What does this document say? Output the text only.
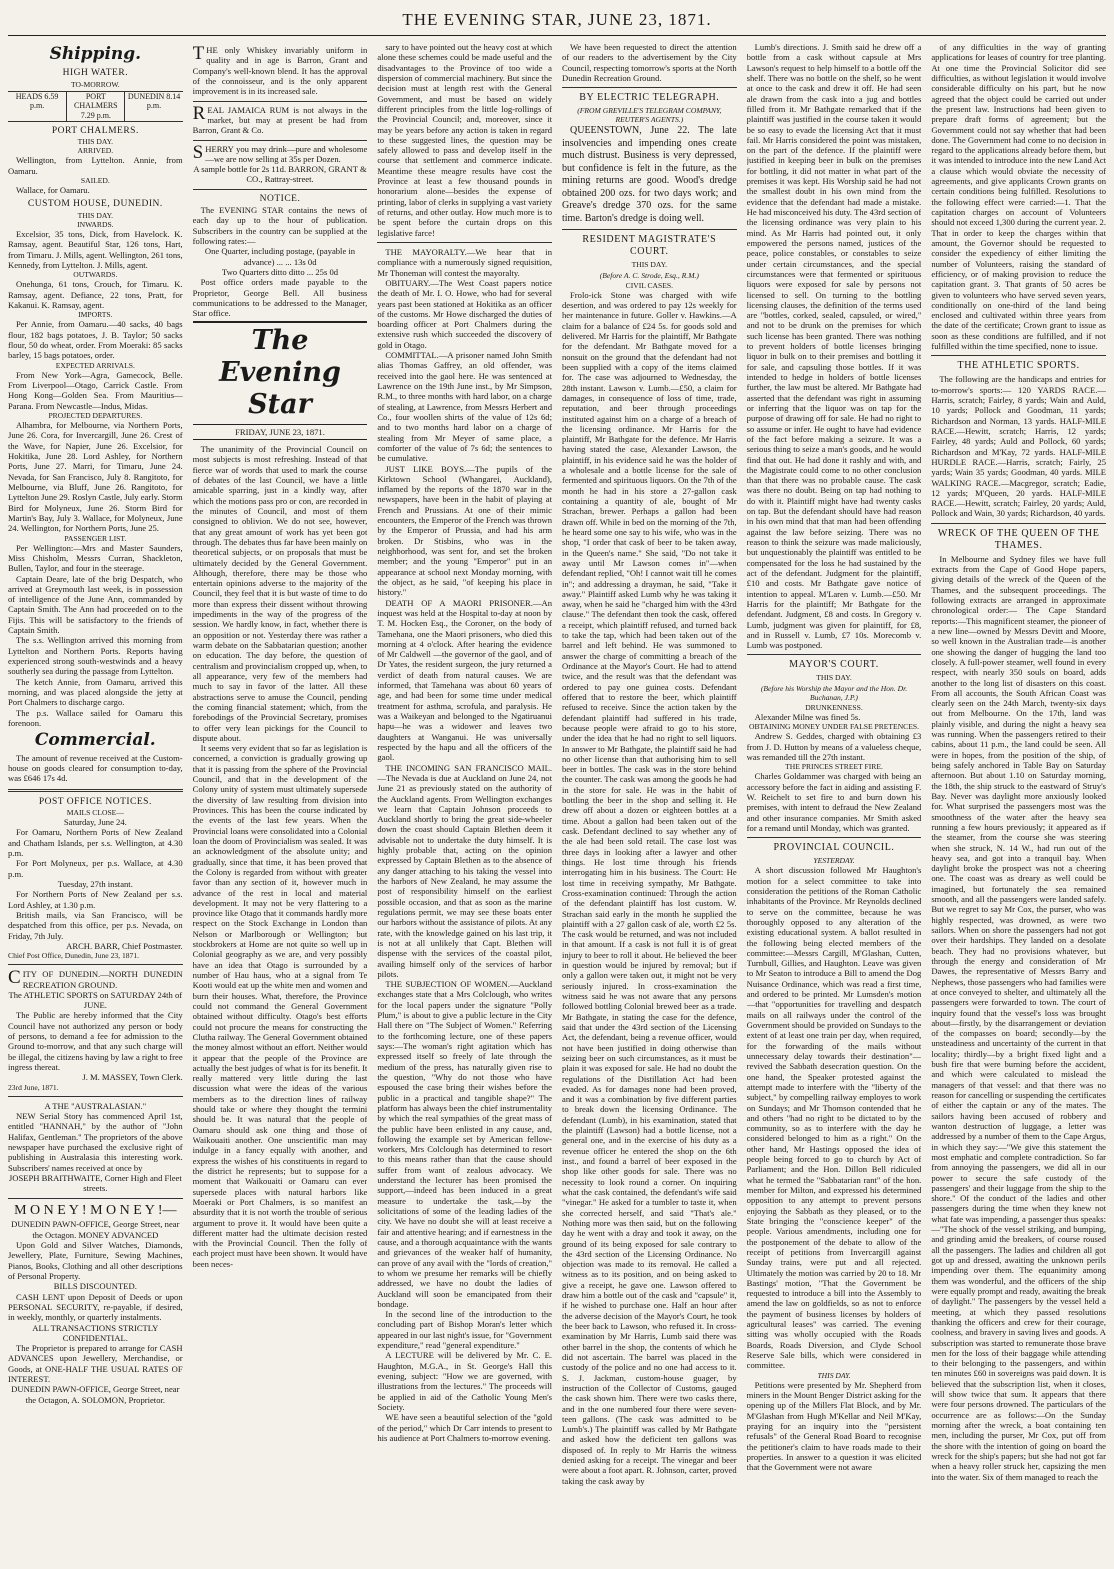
THE EVENING STAR, JUNE 23, 1871.
Shipping.
HIGH WATER.
TO-MORROW.
HEADS 6.59 p.m.
PORT CHALMERS 7.29 p.m.
DUNEDIN 8.14 p.m.
PORT CHALMERS.
THIS DAY.
ARRIVED.

Wellington, from Lyttelton. Annie, from Oamaru.

SAILED.

Wallace, for Oamaru.

CUSTOM HOUSE, DUNEDIN.
THIS DAY.
INWARDS.

Excelsior, 35 tons, Dick, from Havelock. K. Ramsay, agent. Beautiful Star, 126 tons, Hart, from Timaru. J. Mills, agent. Wellington, 261 tons, Kennedy, from Lyttelton. J. Mills, agent.

OUTWARDS.

Onehunga, 61 tons, Crouch, for Timaru. K. Ramsay, agent. Defiance, 22 tons, Pratt, for Kakanui. K. Ramsay, agent.

IMPORTS.

Per Annie, from Oamaru.—40 sacks, 40 bags flour, 182 bags potatoes, J. B. Taylor; 50 sacks flour, 50 do wheat, order. From Moeraki: 85 sacks barley, 15 bags potatoes, order.

EXPECTED ARRIVALS.

From New York—Agra, Gamecock, Belle. From Liverpool—Otago, Carrick Castle. From Hong Kong—Golden Sea. From Mauritius—Parana. From Newcastle—Indus, Midas.

PROJECTED DEPARTURES.

Alhambra, for Melbourne, via Northern Ports, June 26. Cora, for Invercargill, June 26. Crest of the Wave, for Napier, June 26. Excelsior, for Hokitika, June 28. Lord Ashley, for Northern Ports, June 27. Marri, for Timaru, June 24. Nevada, for San Francisco, July 8. Rangitoto, for Melbourne, via Bluff, June 26. Rangitoto, for Lyttelton June 29. Roslyn Castle, July early. Storm Bird for Molyneux, June 26. Storm Bird for Martin's Bay, July 3. Wallace, for Molyneux, June 24. Wellington, for Northern Ports, June 25.

PASSENGER LIST.

Per Wellington:—Mrs and Master Saunders, Miss Chisholm, Messrs Curran, Shackleton, Bullen, Taylor, and four in the steerage.

Captain Deare, late of the brig Despatch, who arrived at Greymouth last week, is in possession of intelligence of the June Ann, commanded by Captain Smith. The Ann had proceeded on to the Fijis. This will be satisfactory to the friends of Captain Smith.

The s.s. Wellington arrived this morning from Lyttelton and Northern Ports. Reports having experienced strong south-westwinds and a heavy southerly sea during the passage from Lyttelton.

The ketch Annie, from Oamaru, arrived this morning, and was placed alongside the jetty at Port Chalmers to discharge cargo.

The p.s. Wallace sailed for Oamaru this forenoon.

Commercial.

The amount of revenue received at the Custom-house on goods cleared for consumption to-day, was £646 17s 4d.

POST OFFICE NOTICES.
MAILS CLOSE—
Saturday, June 24.

For Oamaru, Northern Ports of New Zealand and Chatham Islands, per s.s. Wellington, at 4.30 p.m.

For Port Molyneux, per p.s. Wallace, at 4.30 p.m.

Tuesday, 27th instant.

For Northern Ports of New Zealand per s.s. Lord Ashley, at 1.30 p.m.

British mails, via San Francisco, will be despatched from this office, per p.s. Nevada, on Friday, 7th July.

ARCH. BARR, Chief Postmaster.
Chief Post Office, Dunedin, June 23, 1871.
CITY OF DUNEDIN.—NORTH DUNEDIN RECREATION GROUND.
The ATHLETIC SPORTS on SATURDAY 24th of JUNE.

The Public are hereby informed that the City Council have not authorized any person or body of persons, to demand a fee for admission to the Ground to-morrow, and that any such charge will be illegal, the citizens having by law a right to free ingress thereat.

J. M. MASSEY, Town Clerk.
23rd June, 1871.
A THE "AUSTRALASIAN."

NEW Serial Story has commenced April 1st, entitled "HANNAH," by the author of "John Halifax, Gentleman." The proprietors of the above newspaper have purchased the exclusive right of publishing in Australasia this interesting work. Subscribers' names received at once by

JOSEPH BRAITHWAITE, Corner High and Fleet streets.
M O N E Y ! M O N E Y !—
DUNEDIN PAWN-OFFICE, George Street, near the Octagon. MONEY ADVANCED

Upon Gold and Silver Watches, Diamonds, Jewellery, Plate, Furniture, Sewing Machines, Pianos, Books, Clothing and all other descriptions of Personal Property.

BILLS DISCOUNTED.

CASH LENT upon Deposit of Deeds or upon PERSONAL SECURITY, re-payable, if desired, in weekly, monthly, or quarterly instalments.

ALL TRANSACTIONS STRICTLY CONFIDENTIAL.

The Proprietor is prepared to arrange for CASH ADVANCES upon Jewellery, Merchandise, or Goods, at ONE-HALF THE USUAL RATES OF INTEREST.

DUNEDIN PAWN-OFFICE, George Street, near the Octagon, A. SOLOMON, Proprietor.
THE only Whiskey invariably uniform in quality and in age is Barron, Grant and Company's well-known blend. It has the approval of the connoisseur, and is the only apparent improvement is in its increased sale.
REAL JAMAICA RUM is not always in the market, but may at present be had from Barron, Grant & Co.
SHERRY you may drink—pure and wholesome—we are now selling at 35s per Dozen.
A sample bottle for 2s 11d. BARRON, GRANT & CO., Rattray-street.
NOTICE.

The EVENING STAR contains the news of each day up to the hour of publication. Subscribers in the country can be supplied at the following rates:—

One Quarter, including postage, (payable in advance) ... ... 13s 0d
Two Quarters ditto ditto ... 25s 0d

Post office orders made payable to the Proprietor, George Bell. All business communications to be addressed to the Manager, Star office.

The Evening Star
FRIDAY, JUNE 23, 1871.

The unanimity of the Provincial Council on most subjects is most refreshing. Instead of that fierce war of words that used to mark the course of debates of the last Council, we have a little amicable sparring, just in a kindly way, after which the motions pass pro or con, are recorded in the minutes of Council, and most of them consigned to oblivion. We do not see, however, that any great amount of work has yet been got through. The debates thus far have been mainly on theoretical subjects, or on proposals that must be ultimately decided by the General Government. Although, therefore, there may be those who entertain opinions adverse to the majority of the Council, they feel that it is but waste of time to do more than express their dissent without throwing impediments in the way of the progress of the session. We hardly know, in fact, whether there is an opposition or not. Yesterday there was rather a warm debate on the Sabbatarian question; another on education. The day before, the question of centralism and provincialism cropped up, when, to all appearance, very few of the members had much to say in favor of the latter. All these abstractions serve to amuse the Council, pending the coming financial statement; which, from the forebodings of the Provincial Secretary, promises to offer very lean pickings for the Council to dispute about.

It seems very evident that so far as legislation is concerned, a conviction is gradually growing up that it is passing from the sphere of the Provincial Council, and that in the development of the Colony unity of system must ultimately supersede the diversity of law resulting from division into Provinces. This has been the course indicated by the events of the last few years. When the Provincial loans were consolidated into a Colonial loan the doom of Provincialism was sealed. It was an acknowledgment of the absolute unity; and gradually, since that time, it has been proved that the Colony is regarded from without with greater favor than any section of it, however much in advance of the rest in local and material development. It may not be very flattering to a province like Otago that it commands hardly more respect on the Stock Exchange in London than Nelson or Marlborough or Wellington; but stockbrokers at Home are not quite so well up in Colonial geography as we are, and very possibly have an idea that Otago is surrounded by a number of Hau haus, who at a signal from Te Kooti would eat up the white men and women and burn their houses. What, therefore, the Province could not command the General Government obtained without difficulty. Otago's best efforts could not procure the means for constructing the Clutha railway. The General Government obtained the money almost without an effort. Neither would it appear that the people of the Province are actually the best judges of what is for its benefit. It really mattered very little during the last discussion what were the ideas of the various members as to the direction lines of railway should take or where they thought the termini should be. It was natural that the people of Oamaru should ask one thing and those of Waikouaiti another. One unscientific man may indulge in a fancy equally with another, and express the wishes of his constituents in regard to the district he represents; but to suppose for a moment that Waikouaiti or Oamaru can ever supersede places with natural harbors like Moeraki or Port Chalmers, is so manifest an absurdity that it is not worth the trouble of serious argument to prove it. It would have been quite a different matter had the ultimate decision rested with the Provincial Council. Then the folly of each project must have been shown. It would have been neces-

sary to have pointed out the heavy cost at which alone these schemes could be made useful and the disadvantages to the Province of too wide a dispersion of commercial machinery. But since the decision must at length rest with the General Government, and must be based on widely different principles from the little log-rollings of the Provincial Council; and, moreover, since it may be years before any action is taken in regard to these suggested lines, the question may be safely allowed to pass and develop itself in the course that settlement and commerce indicate. Meantime these meagre results have cost the Province at least a few thousand pounds in honorarium alone—besides the expense of printing, labor of clerks in supplying a vast variety of returns, and other outlay. How much more is to be spent before the curtain drops on this legislative farce!

THE MAYORALTY.—We hear that in compliance with a numerously signed requisition, Mr Thoneman will contest the mayoralty.

OBITUARY.—The West Coast papers notice the death of Mr. I. O. Howe, who had for several years past been stationed at Hokitika as an officer of the customs. Mr Howe discharged the duties of boarding officer at Port Chalmers during the extensive rush which succeeded the discovery of gold in Otago.

COMMITTAL.—A prisoner named John Smith alias Thomas Gaffrey, an old offender, was received into the gaol here. He was sentenced at Lawrence on the 19th June inst., by Mr Simpson, R.M., to three months with hard labor, on a charge of stealing, at Lawrence, from Messrs Herbert and Co., four woollen shirts of the value of 12s 6d; and to two months hard labor on a charge of stealing from Mr Meyer of same place, a comforter of the value of 7s 6d; the sentences to be cumulative.

JUST LIKE BOYS.—The pupils of the Kirktown School (Whangarei, Auckland), inflamed by the reports of the 1870 war in the newspapers, have been in the habit of playing at French and Prussians. At one of their mimic encounters, the Emperor of the French was thrown by the Emperor of Prussia, and had his arm broken. Dr Stisbins, who was in the neighborhood, was sent for, and set the broken member; and the young "Emperor" put in an appearance at school next Monday morning, with the object, as he said, "of keeping his place in history."

DEATH OF A MAORI PRISONER.—An inquest was held at the Hospital to-day at noon by T. M. Hocken Esq., the Coroner, on the body of Tamehana, one the Maori prisoners, who died this morning at 4 o'clock. After hearing the evidence of Mr Caldwell —the governor of the gaol, and of Dr Yates, the resident surgeon, the jury returned a verdict of death from natural causes. We are informed, that Tamehana was about 60 years of age, and had been for some time under medical treatment for asthma, scrofula, and paralysis. He was a Waikeyan and belonged to the Ngatiruanui hapu—he was a widower and leaves two daughters at Wanganui. He was universally respected by the hapu and all the officers of the gaol.

THE INCOMING SAN FRANCISCO MAIL.—The Nevada is due at Auckland on June 24, not June 21 as previously stated on the authority of the Auckland agents. From Wellington exchanges we learn that Captain Johnson proceeds to Auckland shortly to bring the great side-wheeler down the coast should Captain Blethen deem it advisable not to undertake the duty himself. It is highly probable that, acting on the opinion expressed by Captain Blethen as to the absence of any danger attaching to his taking the vessel into the harbors of New Zealand, he may assume the post of responsibility himself on the earliest possible occasion, and that as soon as the marine regulations permit, we may see these boats enter our harbors without the assistance of pilots. At any rate, with the knowledge gained on his last trip, it is not at all unlikely that Capt. Blethen will dispense with the services of the coastal pilot, availing himself only of the services of harbor pilots.

THE SUBJECTION OF WOMEN.—Auckland exchanges state that a Mrs Colclough, who writes for the local papers under the signature "Polly Plum," is about to give a public lecture in the City Hall there on "The Subject of Women." Referring to the forthcoming lecture, one of these papers says:—The woman's right agitation which has expressed itself so freely of late through the medium of the press, has naturally given rise to the question, "Why do not those who have espoused the case bring their wishes before the public in a practical and tangible shape?" The platform has always been the chief instrumentality by which the real sympathies of the great mass of the public have been enlisted in any cause, and, following the example set by American fellow-workers, Mrs Colclough has determined to resort to this means rather than that the cause should suffer from want of zealous advocacy. We understand the lecturer has been promised the support,—indeed has been induced in a great measure to undertake the task,—by the solicitations of some of the leading ladies of the city. We have no doubt she will at least receive a fair and attentive hearing; and if earnestness in the cause, and a thorough acquaintance with the wants and grievances of the weaker half of humanity, can prove of any avail with the "lords of creation," to whom we presume her remarks will be chiefly addressed, we have no doubt the ladies of Auckland will soon be emancipated from their bondage.

In the second line of the introduction to the concluding part of Bishop Moran's letter which appeared in our last night's issue, for "Government expenditure," read "general expenditure."

A LECTURE will be delivered by Mr. C. E. Haughton, M.G.A., in St. George's Hall this evening, subject: "How we are governed, with illustrations from the lectures." The proceeds will be applied in aid of the Catholic Young Men's Society.

WE have seen a beautiful selection of the "gold of the period," which Dr Carr intends to present to his audience at Port Chalmers to-morrow evening.

We have been requested to direct the attention of our readers to the advertisement by the City Council, respecting tomorrow's sports at the North Dunedin Recreation Ground.

BY ELECTRIC TELEGRAPH.
(FROM GREVILLE'S TELEGRAM COMPANY, REUTER'S AGENTS.)

QUEENSTOWN, June 22. The late insolvencies and impending ones create much distrust. Business is very depressed, but confidence is felt in the future, as the mining returns are good. Wood's dredge obtained 200 ozs. for two days work; and Greave's dredge 370 ozs. for the same time. Barton's dredge is doing well.

RESIDENT MAGISTRATE'S COURT.
THIS DAY.
(Before A. C. Strode, Esq., R.M.)
CIVIL CASES.

Frolo-ick Stone was charged with wife desertion, and was ordered to pay 12s weekly for her maintenance in future. Goller v. Hawkins.—A claim for a balance of £24 5s. for goods sold and delivered. Mr Harris for the plaintiff, Mr Bathgate for the defendant. Mr Bathgate moved for a nonsuit on the ground that the defendant had not been supplied with a copy of the items claimed for. The case was adjourned to Wednesday, the 28th instant. Lawson v. Lumb.—£50, a claim for damages, in consequence of loss of time, trade, reputation, and beer through proceedings instituted against him on a charge of a breach of the licensing ordinance. Mr Harris for the plaintiff, Mr Bathgate for the defence. Mr Harris having stated the case, Alexander Lawson, the plaintiff, in his evidence said he was the holder of a wholesale and a bottle license for the sale of fermented and spirituous liquors. On the 7th of the month he had in his store a 27-gallon cask containing a quantity of ale, bought of Mr Strachan, brewer. Perhaps a gallon had been drawn off. While in bed on the morning of the 7th, he heard some one say to his wife, who was in the shop, "I order that cask of beer to be taken away, in the Queen's name." She said, "Do not take it away until Mr Lawson comes in"—when defendant replied, "Oh! I cannot wait till he comes in"; and addressing a drayman, he said, "Take it away." Plaintiff asked Lumb why he was taking it away, when he said he "charged him with the 43rd clause." The defendant then took the cask, offered a receipt, which plaintiff refused, and turned back to take the tap, which had been taken out of the barrel and left behind. He was summoned to answer the charge of committing a breach of the Ordinance at the Mayor's Court. He had to attend twice, and the result was that the defendant was ordered to pay one guinea costs. Defendant offered that to restore the beer, which plaintiff refused to receive. Since the action taken by the defendant plaintiff had suffered in his trade, because people were afraid to go to his store, under the idea that he had no right to sell liquors. In answer to Mr Bathgate, the plaintiff said he had no other license than that authorising him to sell beer in bottles. The cask was in the store behind the counter. The cask was among the goods he had in the store for sale. He was in the habit of bottling the beer in the shop and selling it. He drew off about a dozen or eighteen bottles at a time. About a gallon had been taken out of the cask. Defendant declined to say whether any of the ale had been sold retail. The case lost was three days in looking after a lawyer and other things. He lost time through his friends interrogating him in his business. The Court: He lost time in receiving sympathy, Mr Bathgate. Cross-examination continued: Through the action of the defendant plaintiff has lost custom. W. Strachan said early in the month he supplied the plaintiff with a 27 gallon cask of ale, worth £2 5s. The cask would be returned, and was not included in that amount. If a cask is not full it is of great injury to beer to roll it about. He believed the beer in question would be injured by removal; but if only a gallon were taken out, it might not be very seriously injured. In cross-examination the witness said he was not aware that any persons followed bottling Colonial brewed beer as a trade. Mr Bathgate, in stating the case for the defence, said that under the 43rd section of the Licensing Act, the defendant, being a revenue officer, would not have been justified in doing otherwise than seizing beer on such circumstances, as it must be plain it was exposed for sale. He had no doubt the regulations of the Distillation Act had been evaded. As for damages none had been proved, and it was a combination by five different parties to break down the licensing Ordinance. The defendant (Lumb), in his examination, stated that the plaintiff (Lawson) had a bottle license, not a general one, and in the exercise of his duty as a revenue officer he entered the shop on the 6th inst., and found a barrel of beer exposed in the shop like other goods for sale. There was no necessity to look round a corner. On inquiring what the cask contained, the defendant's wife said "vinegar." He asked for a tumbler to taste it, when she corrected herself, and said "That's ale." Nothing more was then said, but on the following day he went with a dray and took it away, on the ground of its being exposed for sale contrary to the 43rd section of the Licensing Ordinance. No objection was made to its removal. He called a witness as to its position, and on being asked to give a receipt, he gave one. Lawson offered to draw him a bottle out of the cask and "capsule" it, if he wished to purchase one. Half an hour after the adverse decision of the Mayor's Court, he took the beer back to Lawson, who refused it. In cross-examination by Mr Harris, Lumb said there was other barrel in the shop, the contents of which he did not ascertain. The barrel was placed in the custody of the police and no one had access to it. S. J. Jackman, custom-house guager, by instruction of the Collector of Customs, gauged the cask shown him. There were two casks there, and in the one numbered four there were seven-teen gallons. (The cask was admitted to be Lumb's.) The plaintiff was called by Mr Bathgate and asked how the deficient ten gallons was disposed of. In reply to Mr Harris the witness denied asking for a receipt. The vinegar and beer were about a foot apart. R. Johnson, carter, proved taking the cask away by

Lumb's directions. J. Smith said he drew off a bottle from a cask without capsule at Mrs Lawson's request to help himself to a bottle off the shelf. There was no bottle on the shelf, so he went at once to the cask and drew it off. He had seen ale drawn from the cask into a jug and bottles filled from it. Mr Bathgate remarked that if the plaintiff was justified in the course taken it would be so easy to evade the licensing Act that it must fail. Mr Harris considered the point was mistaken, on the part of the defence. If the plaintiff were justified in keeping beer in bulk on the premises for bottling, it did not matter in what part of the premises it was kept. His Worship said he had not the smallest doubt in his own mind from the evidence that the defendant had made a mistake. He had misconceived his duty. The 43rd section of the licensing ordinance was very plain to his mind. As Mr Harris had pointed out, it only empowered the persons named, justices of the peace, police constables, or constables to seize under certain circumstances, and the special circumstances were that fermented or spirituous liquors were exposed for sale by persons not licensed to sell. On turning to the bottling licensing clauses, the definition of the terms used are "bottles, corked, sealed, capsuled, or wired," and not to be drunk on the premises for which such license has been granted. There was nothing to prevent holders of bottle licenses bringing liquor in bulk on to their premises and bottling it for sale, and capsuling those bottles. If it was intended to hedge in holders of bottle licenses further, the law must be altered. Mr Bathgate had asserted that the defendant was right in assuming or inferring that the liquor was on tap for the purpose of drawing off for sale. He had no right to so assume or infer. He ought to have had evidence of the fact before making a seizure. It was a serious thing to seize a man's goods, and he would find that out. He had done it rashly and with, and the Magistrate could come to no other conclusion than that there was no probable cause. The cask was there no doubt. Being on tap had nothing to do with it. Plaintiff might have had twenty casks on tap. But the defendant should have had reason in his own mind that that man had been offending against the law before seizing. There was no reason to think the seizure was made maliciously, but unquestionably the plaintiff was entitled to be compensated for the loss he had sustained by the act of the defendant. Judgment for the plaintiff, £10 and costs. Mr Bathgate gave notice of intention to appeal. M'Laren v. Lumb.—£50. Mr Harris for the plaintiff; Mr Bathgate for the defendant. Judgment, £8 and costs. In Gregory v. Lumb, judgment was given for plaintiff, for £8, and in Russell v. Lumb, £7 10s. Morecomb v. Lumb was postponed.

MAYOR'S COURT.
THIS DAY.
(Before his Worship the Mayor and the Hon. Dr. Buchanan, J.P.)
DRUNKENNESS.

Alexander Milne was fined 5s.

OBTAINING MONEY UNDER FALSE PRETENCES.

Andrew S. Geddes, charged with obtaining £3 from J. D. Hutton by means of a valueless cheque, was remanded till the 27th instant.

THE PRINCES STREET FIRE.

Charles Goldammer was charged with being an accessory before the fact in aiding and assisting F. W. Reichelt to set fire to and burn down his premises, with intent to defraud the New Zealand and other insurance companies. Mr Smith asked for a remand until Monday, which was granted.

PROVINCIAL COUNCIL.
YESTERDAY.

A short discussion followed Mr Haughton's motion for a select committee to take into consideration the petitions of the Roman Catholic inhabitants of the Province. Mr Reynolds declined to serve on the committee, because he was thoroughly opposed to any alteration of the existing educational system. A ballot resulted in the following being elected members of the committee:—Messrs Cargill, M'Glashan, Cutten, Turnbull, Gillies, and Haughton. Leave was given to Mr Seaton to introduce a Bill to amend the Dog Nuisance Ordinance, which was read a first time, and ordered to be printed. Mr Lumsden's motion—that "opportunities for travelling and despatch mails on all railways under the control of the Government should be provided on Sundays to the extent of at least one train per day, when required, for the forwarding of the mails without unnecessary delay towards their destination"—revived the Sabbath desecration question. On the one hand, the Speaker protested against the attempt made to interfere with the "liberty of the subject," by compelling railway employes to work on Sundays; and Mr Thomson contended that he and others "had no right to be dictated to by the community, so as to interfere with the day he considered belonged to him as a right." On the other hand, Mr Hastings opposed the idea of people being forced to go to church by Act of Parliament; and the Hon. Dillon Bell ridiculed what he termed the "Sabbatarian rant" of the hon. member for Milton, and expressed his determined opposition to any attempt to prevent persons enjoying the Sabbath as they pleased, or to the State bringing the "conscience keeper" of the people. Various amendments, including one for the postponement of the debate to allow of the receipt of petitions from Invercargill against Sunday trains, were put and all rejected. Ultimately the motion was carried by 20 to 18. Mr Bastings' motion, "That the Government be requested to introduce a bill into the Assembly to amend the law on goldfields, so as not to enforce the payment of business licenses by holders of agricultural leases" was carried. The evening sitting was wholly occupied with the Roads Boards, Roads Diversion, and Clyde School Reserve Sale bills, which were considered in committee.

THIS DAY.

Petitions were presented by Mr. Shepherd from miners in the Mount Benger District asking for the opening up of the Millers Flat Block, and by Mr. M'Glashan from Hugh M'Kellar and Neil M'Kay, praying for an inquiry into the "persistent refusals" of the General Road Board to recognise the petitioner's claim to have roads made to their properties. In answer to a question it was elicited that the Government were not aware

of any difficulties in the way of granting applications for leases of country for tree planting. At one time the Provincial Solicitor did see difficulties, as without legislation it would involve considerable difficulty on his part, but he now agreed that the object could be carried out under the present law. Instructions had been given to prepare draft forms of agreement; but the Government could not say whether that had been done. The Government had come to no decision in regard to the applications already before them, but it was intended to introduce into the new Land Act a clause which would obviate the necessity of agreements, and give applicants Crown grants on certain conditions being fulfilled. Resolutions to the following effect were carried:—1. That the capitation charges on account of Volunteers should not exceed 1,300 during the current year. 2. That in order to keep the charges within that amount, the Governor should be requested to consider the expediency of either limiting the number of Volunteers, raising the standard of efficiency, or of making provision to reduce the capitation grant. 3. That grants of 50 acres be given to volunteers who have served seven years, conditionally on one-third of the land being enclosed and cultivated within three years from the date of the certificate; Crown grant to issue as soon as these conditions are fulfilled, and if not fulfilled within the time specified, none to issue.

THE ATHLETIC SPORTS.

The following are the handicaps and entries for to-morrow's sports:— 120 YARDS RACE.—Harris, scratch; Fairley, 8 yards; Wain and Auld, 10 yards; Pollock and Goodman, 11 yards; Richardson and Norman, 13 yards. HALF-MILE RACE.—Hewitt, scratch; Harris, 12 yards; Fairley, 48 yards; Auld and Pollock, 60 yards; Richardson and M'Kay, 72 yards. HALF-MILE HURDLE RACE.—Harris, scratch; Fairly, 25 yards; Wain 35 yards; Goodman, 40 yards. MILE WALKING RACE.—Macgregor, scratch; Eadie, 12 yards; M'Queen, 20 yards. HALF-MILE RACE.—Hewitt, scratch; Fairley, 20 yards; Auld, Pollock and Wain, 30 yards; Richardson, 40 yards.

WRECK OF THE QUEEN OF THE THAMES.

In Melbourne and Sydney files we have full extracts from the Cape of Good Hope papers, giving details of the wreck of the Queen of the Thames, and the subsequent proceedings. The following extracts are arranged in approximate chronological order:— The Cape Standard reports:—This magnificent steamer, the pioneer of a new line—owned by Messrs Devitt and Moore, so well known in the Australian trade—is another one showing the danger of hugging the land too closely. A full-power steamer, well found in every respect, with nearly 350 souls on board, adds another to the long list of disasters on this coast. From all accounts, the South African Coast was clearly seen on the 24th March, twenty-six days out from Melbourne. On the 17th, land was plainly visible, and during the night a heavy sea was running. When the passengers retired to their cabins, about 11 p.m., the land could be seen. All were in hopes, from the position of the ship, of being safely anchored in Table Bay on Saturday afternoon. But about 1.10 on Saturday morning, the 18th, the ship struck to the eastward of Struy's Bay. Never was daylight more anxiously looked for. What surprised the passengers most was the smoothness of the water after the heavy sea running a few hours previously; it appeared as if the steamer, from the course she was steering when she struck, N. 14 W., had run out of the heavy sea, and got into a tranquil bay. When daylight broke the prospect was not a cheering one. The coast was as dreary as well could be imagined, but fortunately the sea remained smooth, and all the passengers were landed safely. But we regret to say Mr Cox, the purser, who was highly respected, was drowned, as were two sailors. When on shore the passengers had not got over their hardships. They landed on a desolate beach. They had no provisions whatever, but through the energy and consideration of Mr Dawes, the representative of Messrs Barry and Nephews, those passengers who had families were at once conveyed to shelter, and ultimately all the passengers were forwarded to town. The court of inquiry found that the vessel's loss was brought about—firstly, by the disarrangement or deviation of the compasses on board; secondly—by the unsteadiness and uncertainty of the current in that locality; thirdly—by a bright fixed light and a bush fire that were burning before the accident, and which were calculated to mislead the managers of that vessel: and that there was no reason for cancelling or suspending the certificates of either the captain or any of the mates. The sailors having been accused of robbery and wanton destruction of luggage, a letter was addressed by a number of them to the Cape Argus, in which they say:—"We give this statement the most emphatic and complete contradiction. So far from annoying the passengers, we did all in our power to secure the safe custody of the passengers' and their luggage from the ship to the shore." Of the conduct of the ladies and other passengers during the time when they knew not what fate was impending, a passenger thus speaks:—"The shock of the vessel striking, and bumping, and grinding amid the breakers, of course roused all the passengers. The ladies and children all got got up and dressed, awaiting the unknown perils impending over them. The equanimity among them was wonderful, and the officers of the ship were equally prompt and ready, awaiting the break of daylight." The passengers by the vessel held a meeting, at which they passed resolutions thanking the officers and crew for their courage, coolness, and bravery in saving lives and goods. A subscription was started to remunerate those brave men for the loss of their baggage while attending to their belonging to the passengers, and within ten minutes £60 in sovereigns was paid down. It is believed that the subscription list, when it closes, will show twice that sum. It appears that there were four persons drowned. The particulars of the occurrence are as follows:—On the Sunday morning after the wreck, a boat containing ten men, including the purser, Mr Cox, put off from the shore with the intention of going on board the wreck for the ship's papers; but she had not got far when a heavy roller struck her, capsizing the men into the water. Six of them managed to reach the
